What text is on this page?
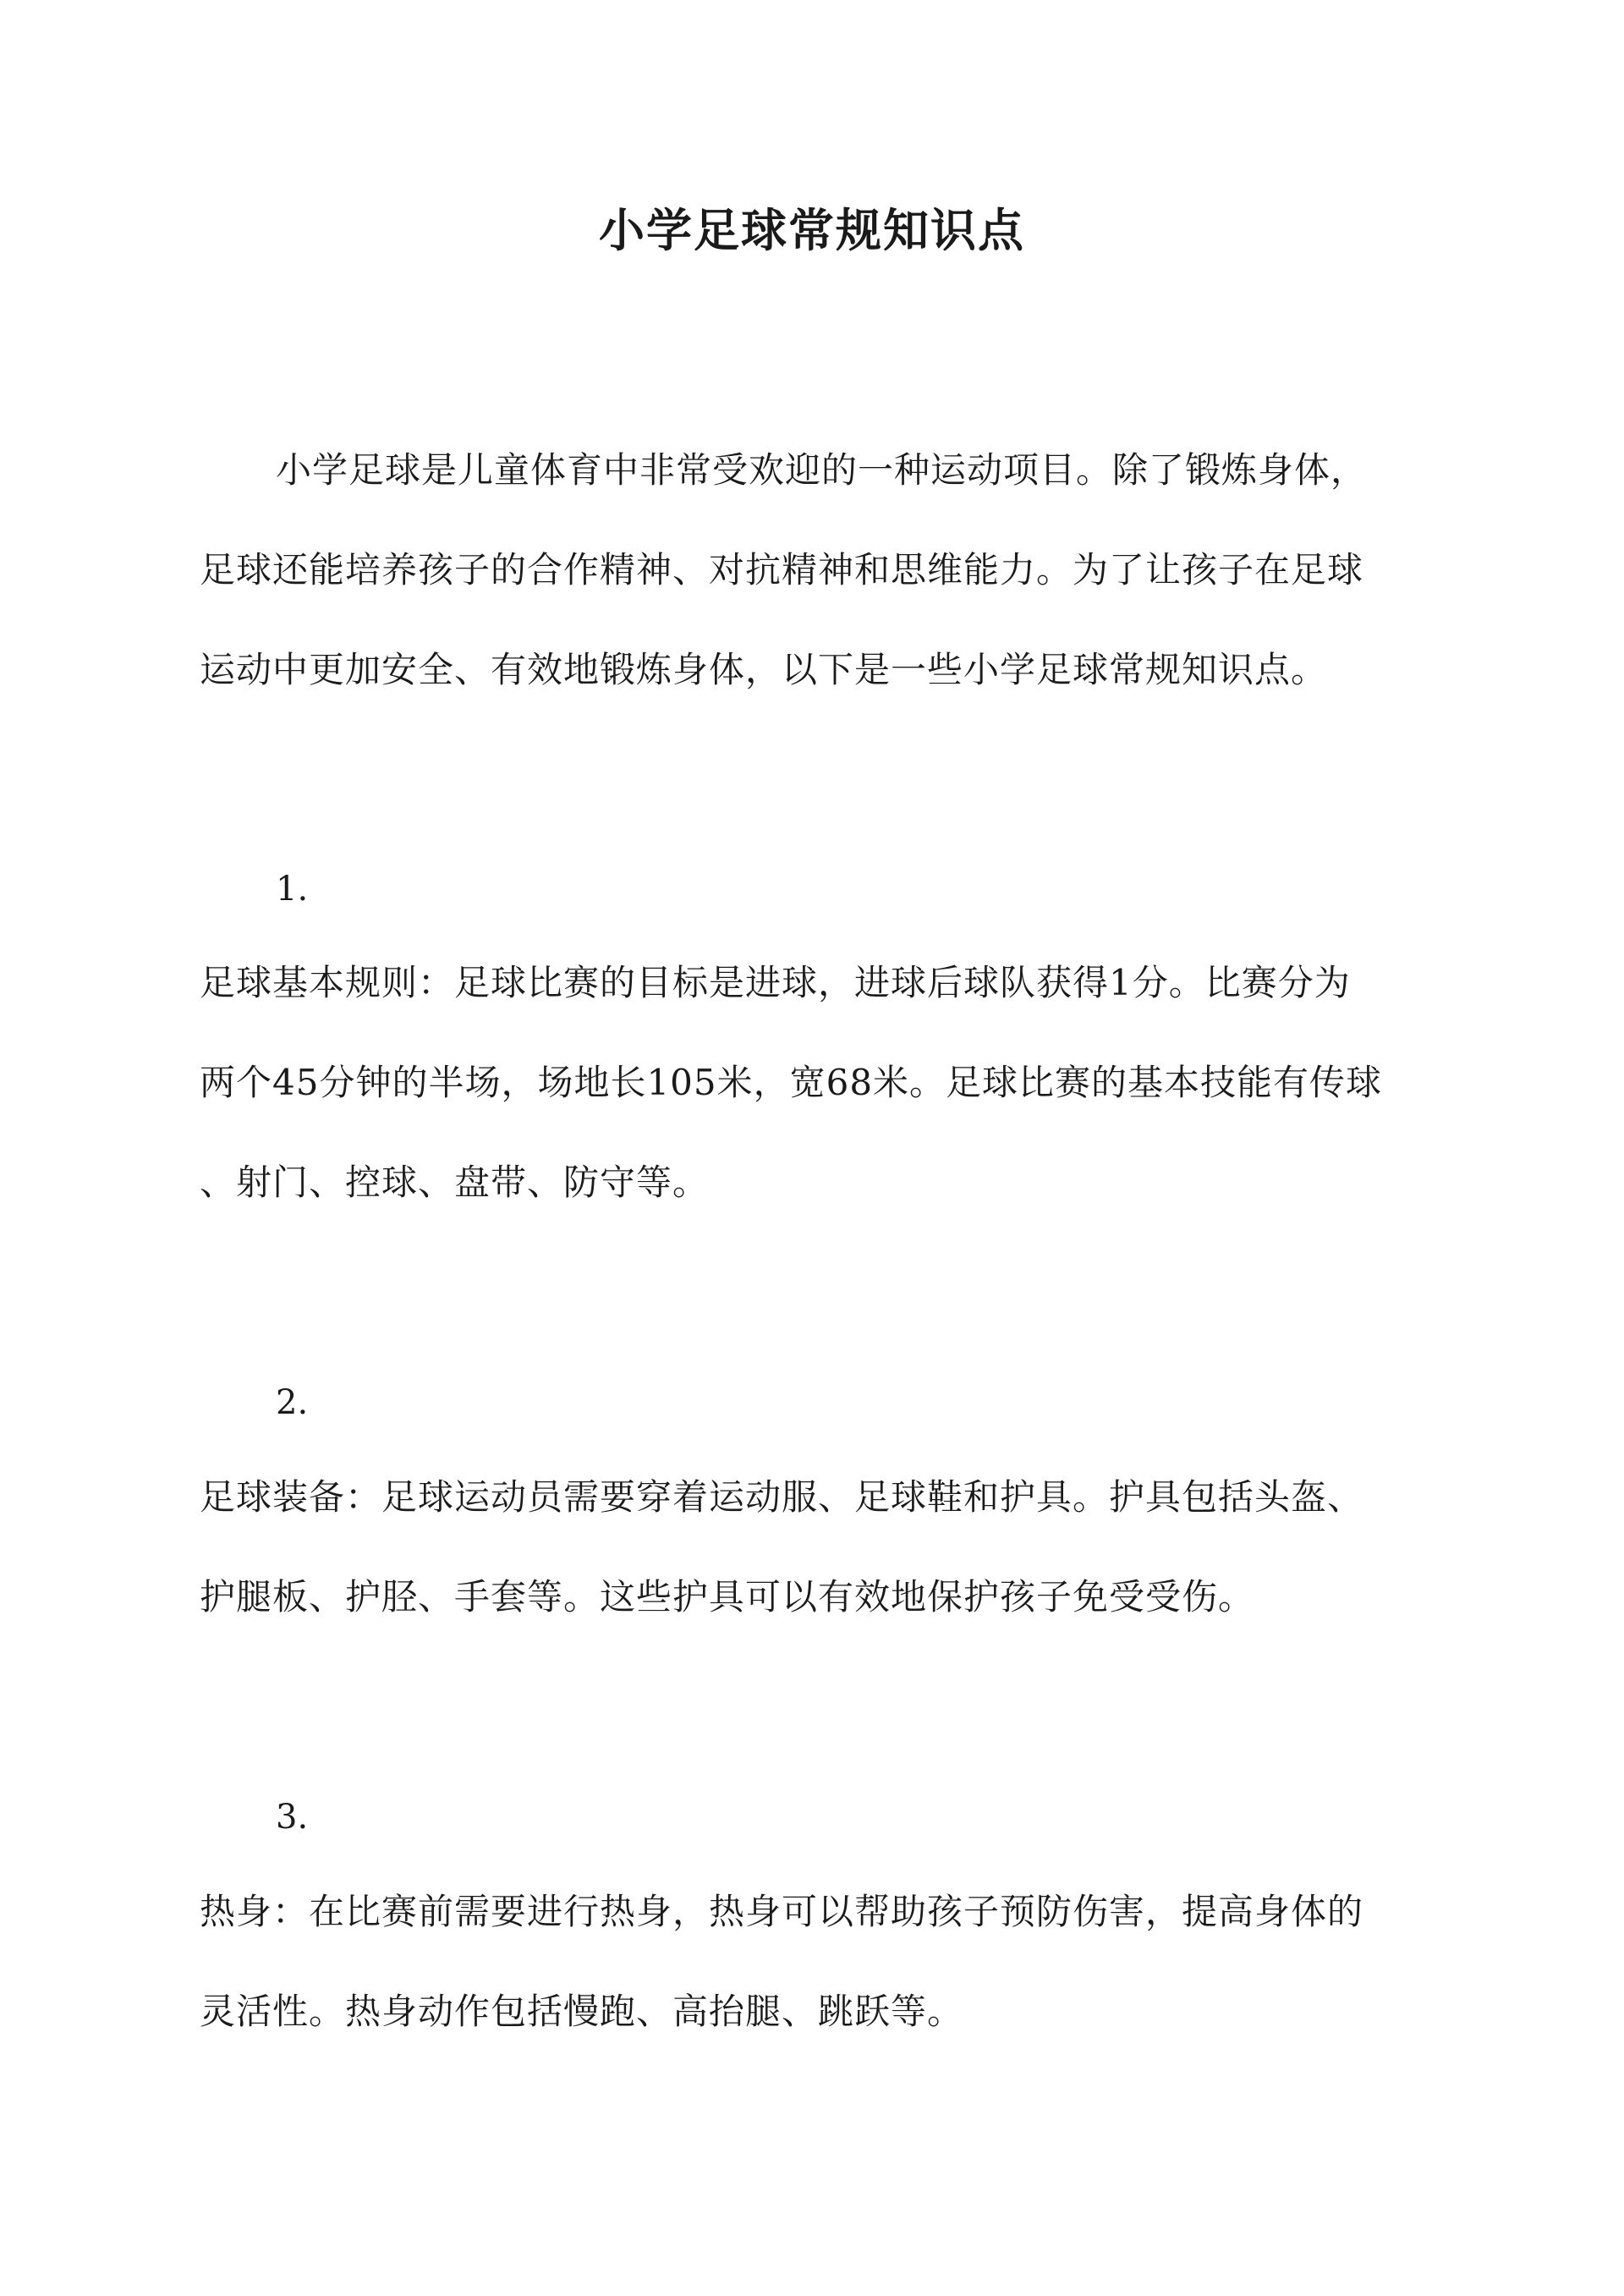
小学足球常规知识点
小学足球是儿童体育中非常受欢迎的一种运动项目。除了锻炼身体，
足球还能培养孩子的合作精神、对抗精神和思维能力。为了让孩子在足球
运动中更加安全、有效地锻炼身体，以下是一些小学足球常规知识点。
1.
足球基本规则：足球比赛的目标是进球，进球后球队获得1分。比赛分为
两个45分钟的半场，场地长105米，宽68米。足球比赛的基本技能有传球
、射门、控球、盘带、防守等。
2.
足球装备：足球运动员需要穿着运动服、足球鞋和护具。护具包括头盔、
护腿板、护胫、手套等。这些护具可以有效地保护孩子免受受伤。
3.
热身：在比赛前需要进行热身，热身可以帮助孩子预防伤害，提高身体的
灵活性。热身动作包括慢跑、高抬腿、跳跃等。
